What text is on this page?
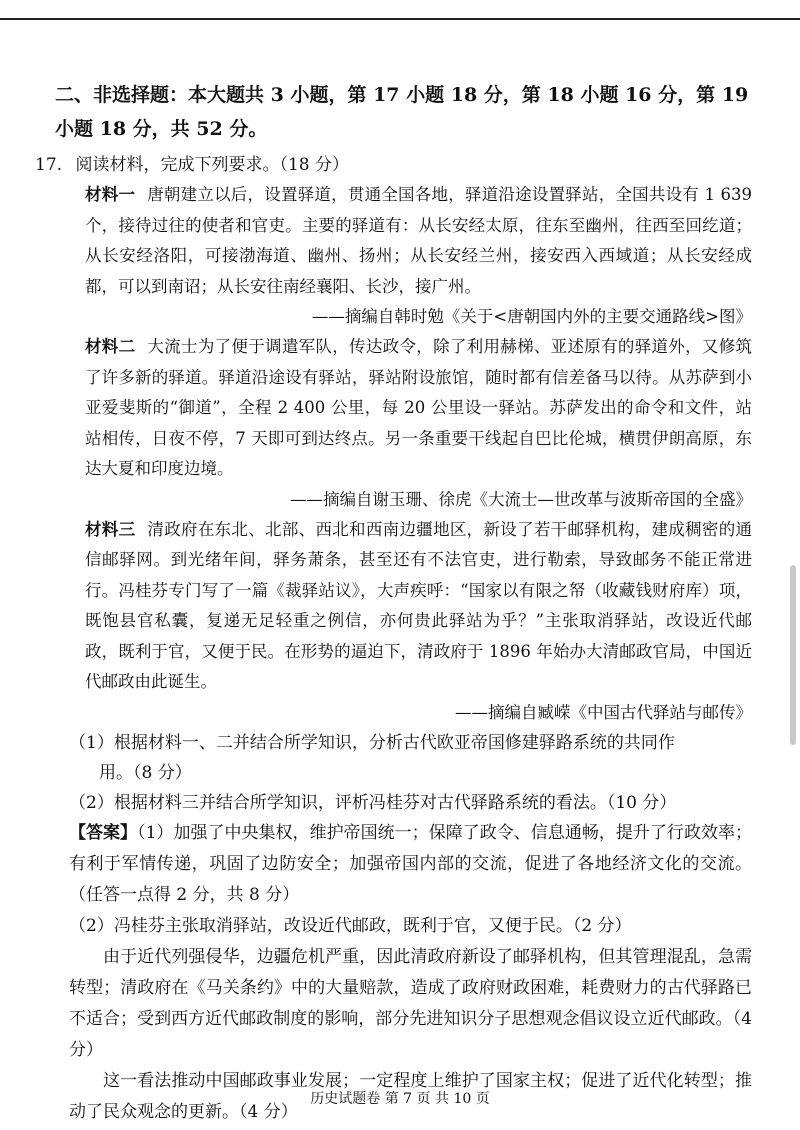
二、非选择题：本大题共 3 小题，第 17 小题 18 分，第 18 小题 16 分，第 19 小题 18 分，共 52 分。
17. 阅读材料，完成下列要求。（18 分）
材料一 唐朝建立以后，设置驿道，贯通全国各地，驿道沿途设置驿站，全国共设有 1 639 个，接待过往的使者和官吏。主要的驿道有：从长安经太原，往东至幽州，往西至回纥道；从长安经洛阳，可接渤海道、幽州、扬州；从长安经兰州，接安西入西域道；从长安经成都，可以到南诏；从长安往南经襄阳、长沙，接广州。
——摘编自韩时勉《关于<唐朝国内外的主要交通路线>图》
材料二 大流士为了便于调遣军队，传达政令，除了利用赫梯、亚述原有的驿道外，又修筑了许多新的驿道。驿道沿途设有驿站，驿站附设旅馆，随时都有信差备马以待。从苏萨到小亚爱斐斯的“御道”，全程 2 400 公里，每 20 公里设一驿站。苏萨发出的命令和文件，站站相传，日夜不停，7 天即可到达终点。另一条重要干线起自巴比伦城，横贯伊朗高原，东达大夏和印度边境。
——摘编自谢玉珊、徐虎《大流士—世改革与波斯帝国的全盛》
材料三 清政府在东北、北部、西北和西南边疆地区，新设了若干邮驿机构，建成稠密的通信邮驿网。到光绪年间，驿务萧条，甚至还有不法官吏，进行勒索，导致邮务不能正常进行。冯桂芬专门写了一篇《裁驿站议》，大声疾呼：“国家以有限之帑（收藏钱财府库）项，既饱县官私囊，复递无足轻重之例信，亦何贵此驿站为乎？”主张取消驿站，改设近代邮政，既利于官，又便于民。在形势的逼迫下，清政府于 1896 年始办大清邮政官局，中国近代邮政由此诞生。
——摘编自臧嵘《中国古代驿站与邮传》
（1）根据材料一、二并结合所学知识，分析古代欧亚帝国修建驿路系统的共同作
用。（8 分）
（2）根据材料三并结合所学知识，评析冯桂芬对古代驿路系统的看法。（10 分）
【答案】（1）加强了中央集权，维护帝国统一；保障了政令、信息通畅，提升了行政效率；有利于军情传递，巩固了边防安全；加强帝国内部的交流，促进了各地经济文化的交流。（任答一点得 2 分，共 8 分）
（2）冯桂芬主张取消驿站，改设近代邮政，既利于官，又便于民。（2 分）
由于近代列强侵华，边疆危机严重，因此清政府新设了邮驿机构，但其管理混乱，急需转型；清政府在《马关条约》中的大量赔款，造成了政府财政困难，耗费财力的古代驿路已不适合；受到西方近代邮政制度的影响，部分先进知识分子思想观念倡议设立近代邮政。（4 分）
这一看法推动中国邮政事业发展；一定程度上维护了国家主权；促进了近代化转型；推动了民众观念的更新。（4 分）
历史试题卷 第 7 页 共 10 页
